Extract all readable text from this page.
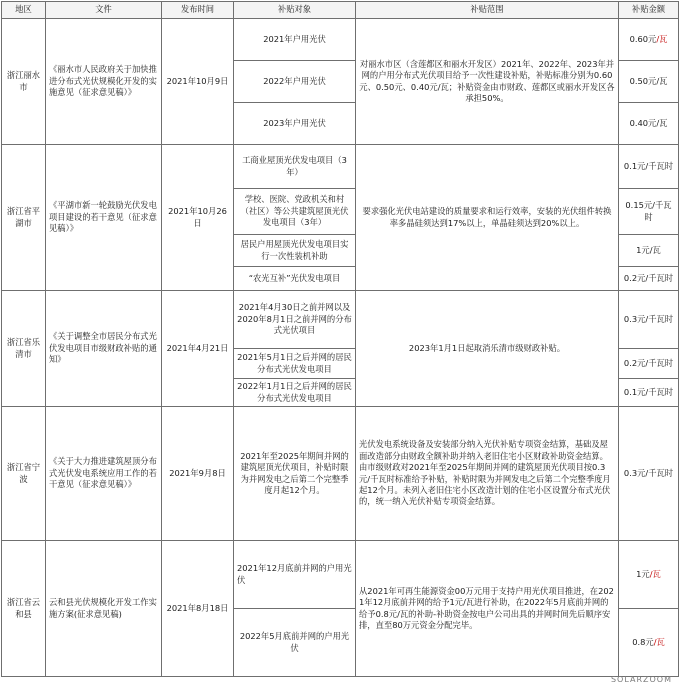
地区	文件	发布时间	补贴对象	补贴范围	补贴金额
浙江丽水市	《丽水市人民政府关于加快推进分布式光伏规模化开发的实施意见（征求意见稿）》	2021年10月9日	2021年户用光伏	对丽水市区（含莲都区和丽水开发区）2021年、2022年、2023年并网的户用分布式光伏项目给予一次性建设补贴，补贴标准分别为0.60元、0.50元、0.40元/瓦；补贴资金由市财政、莲都区或丽水开发区各承担50%。	0.60元/瓦
			2022年户用光伏		0.50元/瓦
			2023年户用光伏		0.40元/瓦
浙江省平湖市	《平湖市新一轮鼓励光伏发电项目建设的若干意见（征求意见稿）》	2021年10月26日	工商业屋顶光伏发电项目（3年）	要求强化光伏电站建设的质量要求和运行效率，安装的光伏组件转换率多晶硅须达到17%以上，单晶硅须达到20%以上。	0.1元/千瓦时
			学校、医院、党政机关和村（社区）等公共建筑屋顶光伏发电项目（3年）		0.15元/千瓦时
			居民户用屋顶光伏发电项目实行一次性装机补助		1元/瓦
			“农光互补”光伏发电项目		0.2元/千瓦时
浙江省乐清市	《关于调整全市居民分布式光伏发电项目市级财政补贴的通知》	2021年4月21日	2021年4月30日之前并网以及2020年8月1日之前并网的分布式光伏项目	2023年1月1日起取消乐清市级财政补贴。	0.3元/千瓦时
			2021年5月1日之后并网的居民分布式光伏发电项目		0.2元/千瓦时
			2022年1月1日之后并网的居民分布式光伏发电项目		0.1元/千瓦时
浙江省宁波	《关于大力推进建筑屋顶分布式光伏发电系统应用工作的若干意见（征求意见稿）》	2021年9月8日	2021年至2025年期间并网的建筑屋顶光伏项目，补贴时限为并网发电之后第二个完整季度月起12个月。	光伏发电系统设备及安装部分纳入光伏补贴专项资金结算，基础及屋面改造部分由财政全额补助并纳入老旧住宅小区财政补助资金结算。由市级财政对2021年至2025年期间并网的建筑屋顶光伏项目按0.3元/千瓦时标准给予补贴，补贴时限为并网发电之后第二个完整季度月起12个月。未列入老旧住宅小区改造计划的住宅小区设置分布式光伏的，统一纳入光伏补贴专项资金结算。	0.3元/千瓦时
浙江省云和县	云和县光伏规模化开发工作实施方案(征求意见稿)	2021年8月18日	2021年12月底前并网的户用光伏	从2021年可再生能源资金00万元用于支持户用光伏项目推进，在2021年12月底前并网的给予1元/瓦进行补助，在2022年5月底前并网的给予0.8元/瓦的补助-补助资金按电户公司出具的并网时间先后顺序安排，直至80万元资金分配完毕。	1元/瓦
			2022年5月底前并网的户用光伏		0.8元/瓦
SOLARZOOM
